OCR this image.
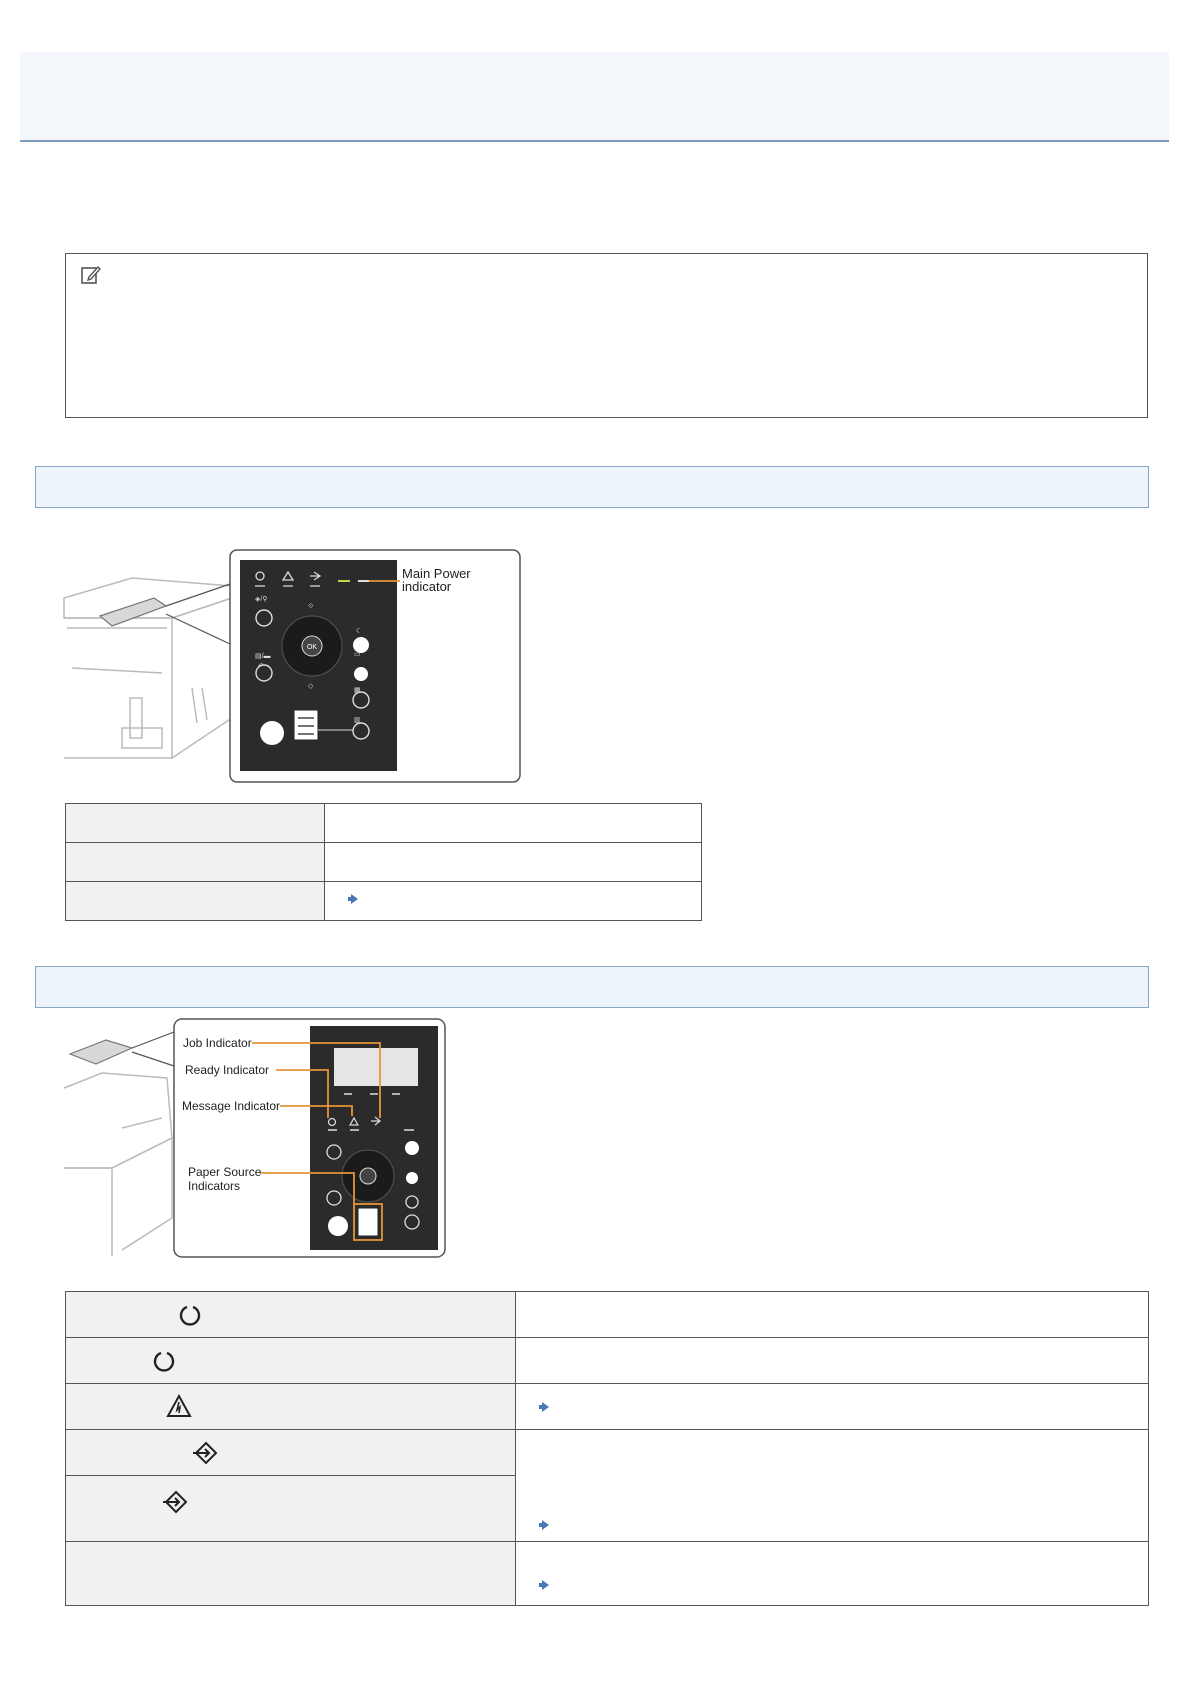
OK
◈/⚲
▤/▬
↶
☾
▭
▦
▥
⟐
◇
Main Power
indicator

Job Indicator
Ready Indicator
Message Indicator
Paper Source
Indicators
